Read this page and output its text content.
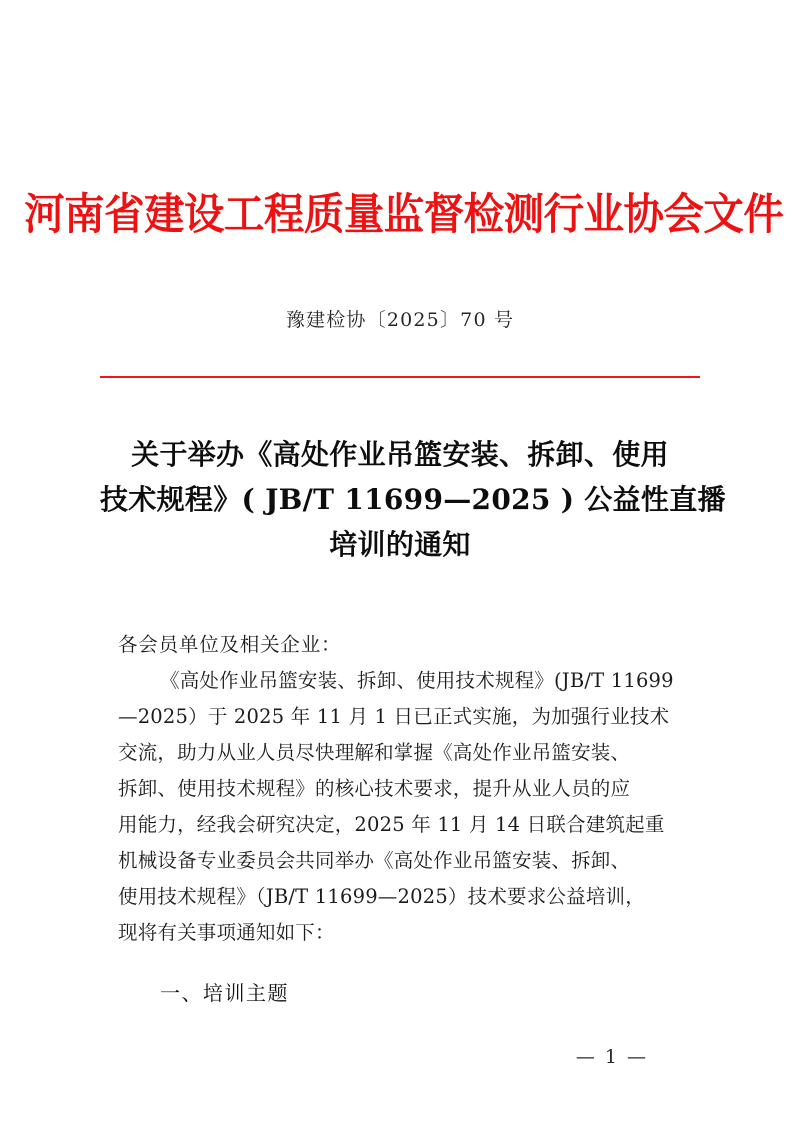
河南省建设工程质量监督检测行业协会文件
豫建检协〔2025〕70 号
关于举办《高处作业吊篮安装、拆卸、使用
技术规程》( JB/T 11699—2025 ) 公益性直播
培训的通知
各会员单位及相关企业：
《高处作业吊篮安装、拆卸、使用技术规程》(JB/T 11699
—2025）于 2025 年 11 月 1 日已正式实施，为加强行业技术
交流，助力从业人员尽快理解和掌握《高处作业吊篮安装、
拆卸、使用技术规程》的核心技术要求，提升从业人员的应
用能力，经我会研究决定，2025 年 11 月 14 日联合建筑起重
机械设备专业委员会共同举办《高处作业吊篮安装、拆卸、
使用技术规程》（JB/T 11699—2025）技术要求公益培训，
现将有关事项通知如下：
一、培训主题
— 1 —
